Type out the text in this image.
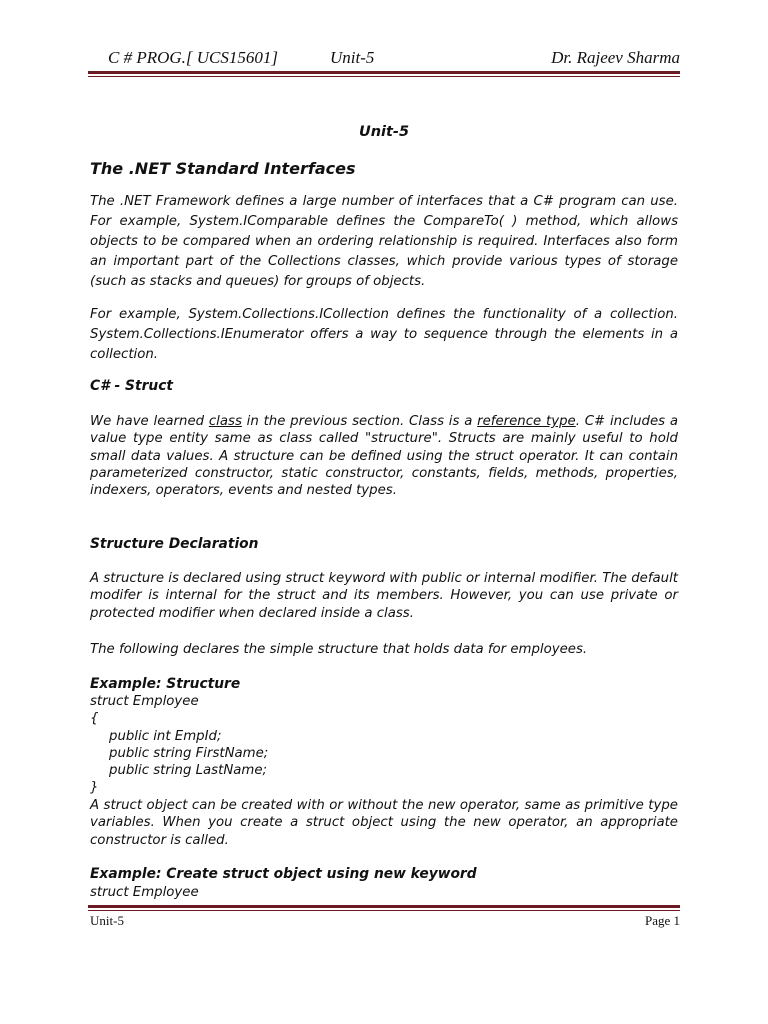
C # PROG.[ UCS15601]	Unit-5	Dr. Rajeev Sharma
Unit-5
The .NET Standard Interfaces

The .NET Framework defines a large number of interfaces that a C# program can use. For example, System.IComparable defines the CompareTo( ) method, which allows objects to be compared when an ordering relationship is required. Interfaces also form an important part of the Collections classes, which provide various types of storage (such as stacks and queues) for groups of objects.

For example, System.Collections.ICollection defines the functionality of a collection. System.Collections.IEnumerator offers a way to sequence through the elements in a collection.

C# - Struct

We have learned class in the previous section. Class is a reference type. C# includes a value type entity same as class called "structure". Structs are mainly useful to hold small data values. A structure can be defined using the struct operator. It can contain parameterized constructor, static constructor, constants, fields, methods, properties, indexers, operators, events and nested types.

Structure Declaration

A structure is declared using struct keyword with public or internal modifier. The default modifer is internal for the struct and its members. However, you can use private or protected modifier when declared inside a class.

The following declares the simple structure that holds data for employees.

Example: Structure
struct Employee
{
public int EmpId;
public string FirstName;
public string LastName;
}

A struct object can be created with or without the new operator, same as primitive type variables. When you create a struct object using the new operator, an appropriate constructor is called.

Example: Create struct object using new keyword
struct Employee
Unit-5	Page 1
